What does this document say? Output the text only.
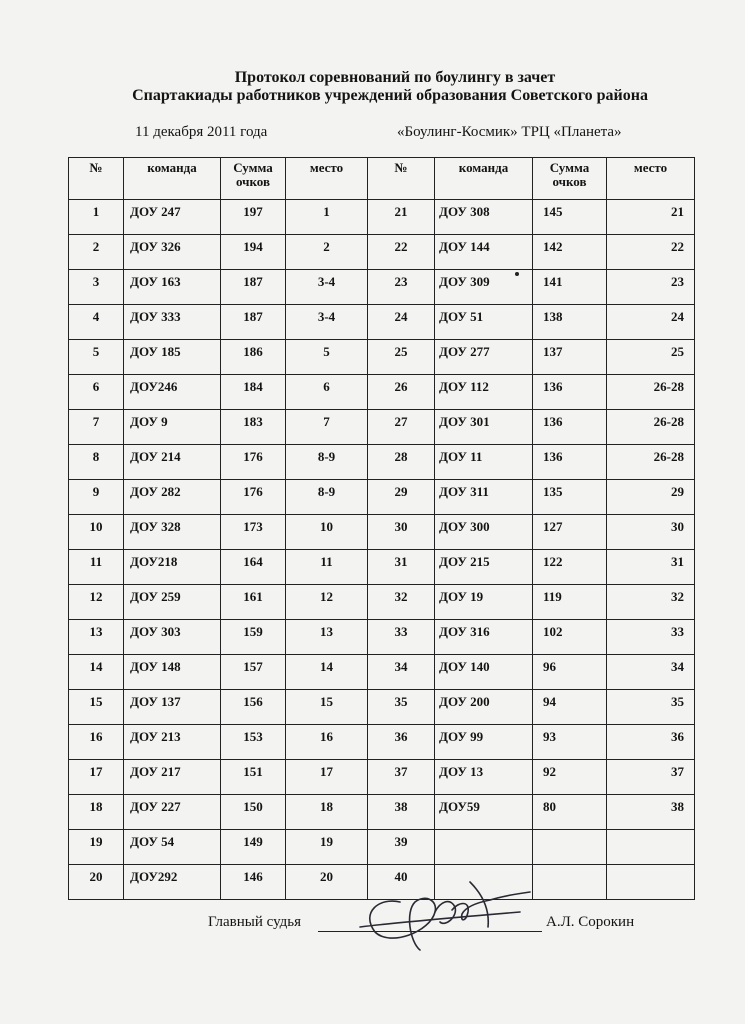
Протокол соревнований по боулингу в зачет
Спартакиады работников учреждений образования Советского района
11 декабря 2011 года	«Боулинг-Космик» ТРЦ «Планета»
№	команда	Сумма очков	место	№	команда	Сумма очков	место

1	ДОУ 247	197	1	21	ДОУ 308	145	21

2	ДОУ 326	194	2	22	ДОУ 144	142	22

3	ДОУ 163	187	3-4	23	ДОУ 309	141	23

4	ДОУ 333	187	3-4	24	ДОУ 51	138	24

5	ДОУ 185	186	5	25	ДОУ 277	137	25

6	ДОУ246	184	6	26	ДОУ 112	136	26-28

7	ДОУ 9	183	7	27	ДОУ 301	136	26-28

8	ДОУ 214	176	8-9	28	ДОУ 11	136	26-28

9	ДОУ 282	176	8-9	29	ДОУ 311	135	29

10	ДОУ 328	173	10	30	ДОУ 300	127	30

11	ДОУ218	164	11	31	ДОУ 215	122	31

12	ДОУ 259	161	12	32	ДОУ 19	119	32

13	ДОУ 303	159	13	33	ДОУ 316	102	33

14	ДОУ 148	157	14	34	ДОУ 140	96	34

15	ДОУ 137	156	15	35	ДОУ 200	94	35

16	ДОУ 213	153	16	36	ДОУ 99	93	36

17	ДОУ 217	151	17	37	ДОУ 13	92	37

18	ДОУ 227	150	18	38	ДОУ59	80	38

19	ДОУ 54	149	19	39			

20	ДОУ292	146	20	40			

Главный судья	А.Л. Сорокин
